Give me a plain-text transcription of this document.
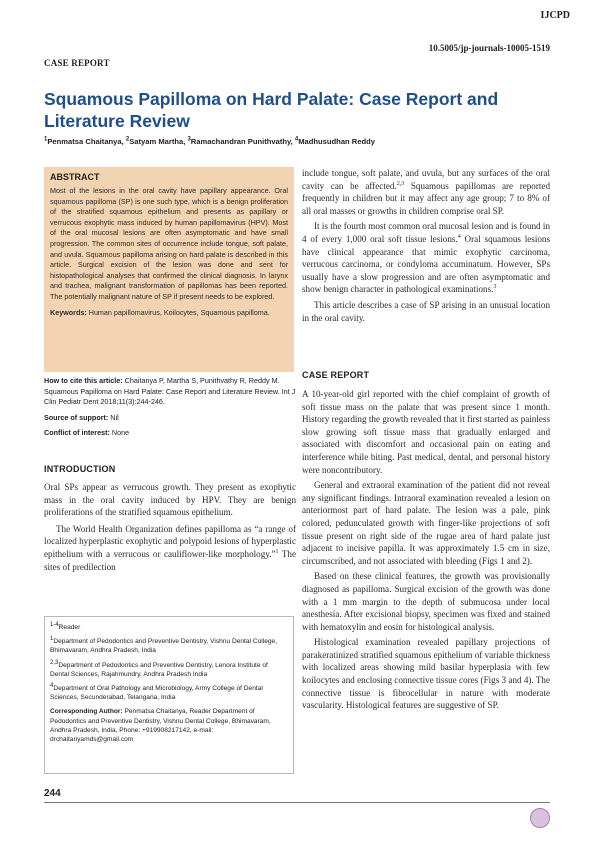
IJCPD
10.5005/jp-journals-10005-1519
CASE REPORT
Squamous Papilloma on Hard Palate: Case Report and
Literature Review
$^1$Penmatsa Chaitanya, $^2$Satyam Martha, $^3$Ramachandran Punithvathy, $^4$Madhusudhan Reddy
ABSTRACT

Most of the lesions in the oral cavity have papillary appearance. Oral squamous papilloma (SP) is one such type, which is a benign proliferation of the stratified squamous epithelium and presents as papillary or verrucous exophytic mass induced by human papillomavirus (HPV). Most of the oral mucosal lesions are often asymptomatic and have small progression. The common sites of occurrence include tongue, soft palate, and uvula. Squamous papilloma arising on hard palate is described in this article. Surgical excision of the lesion was done and sent for histopathological analyses that confirmed the clinical diagnosis. In larynx and trachea, malignant transformation of papillomas has been reported. The potentially malignant nature of SP if present needs to be explored.

Keywords: Human papillomavirus, Koilocytes, Squamous papilloma.

How to cite this article: Chaitanya P, Martha S, Punithvathy R, Reddy M. Squamous Papilloma on Hard Palate: Case Report and Literature Review. Int J Clin Pediatr Dent 2018;11(3):244-246.

Source of support: Nil

Conflict of interest: None

INTRODUCTION

Oral SPs appear as verrucous growth. They present as exophytic mass in the oral cavity induced by HPV. They are benign proliferations of the stratified squamous epithelium.

The World Health Organization defines papilloma as “a range of localized hyperplastic exophytic and polypoid lesions of hyperplastic epithelium with a verrucous or cauliflower-like morphology.”$^1$ The sites of predilection

$^{1-4}$Reader

$^1$Department of Pedodontics and Preventive Dentistry, Vishnu Dental College, Bhimavaram, Andhra Pradesh, India

$^{2,3}$Department of Pedodontics and Preventive Dentistry, Lenora Institute of Dental Sciences, Rajahmundry, Andhra Pradesh India

$^4$Department of Oral Pathology and Microbiology, Army College of Dental Sciences, Secunderabad, Telangana, India

Corresponding Author: Penmatsa Chaitanya, Reader Department of Pedodontics and Preventive Dentistry, Vishnu Dental College, Bhimavaram, Andhra Pradesh, India, Phone: +919908217142, e-mail: drchaitanyamds@gmail.com

244

include tongue, soft palate, and uvula, but any surfaces of the oral cavity can be affected.$^{2,3}$ Squamous papillomas are reported frequently in children but it may affect any age group; 7 to 8% of all oral masses or growths in children comprise oral SP.

It is the fourth most common oral mucosal lesion and is found in 4 of every 1,000 oral soft tissue lesions.$^4$ Oral squamous lesions have clinical appearance that mimic exophytic carcinoma, verrucous carcinoma, or condyloma accuminatum. However, SPs usually have a slow progression and are often asymptomatic and show benign character in pathological examinations.$^3$

This article describes a case of SP arising in an unusual location in the oral cavity.

CASE REPORT

A 10-year-old girl reported with the chief complaint of growth of soft tissue mass on the palate that was present since 1 month. History regarding the growth revealed that it first started as painless slow growing soft tissue mass that gradually enlarged and associated with discomfort and occasional pain on eating and interference while biting. Past medical, dental, and personal history were noncontributory.

General and extraoral examination of the patient did not reveal any significant findings. Intraoral examination revealed a lesion on anteriormost part of hard palate. The lesion was a pale, pink colored, pedunculated growth with finger-like projections of soft tissue present on right side of the rugae area of hard palate just adjacent to incisive papilla. It was approximately 1.5 cm in size, circumscribed, and not associated with bleeding (Figs 1 and 2).

Based on these clinical features, the growth was provisionally diagnosed as papilloma. Surgical excision of the growth was done with a 1 mm margin to the depth of submucosa under local anesthesia. After excisional biopsy, specimen was fixed and stained with hematoxylin and eosin for histological analysis.

Histological examination revealed papillary projections of parakeratinized stratified squamous epithelium of variable thickness with localized areas showing mild basilar hyperplasia with few koilocytes and enclosing connective tissue cores (Figs 3 and 4). The connective tissue is fibrocellular in nature with moderate vascularity. Histological features are suggestive of SP.
